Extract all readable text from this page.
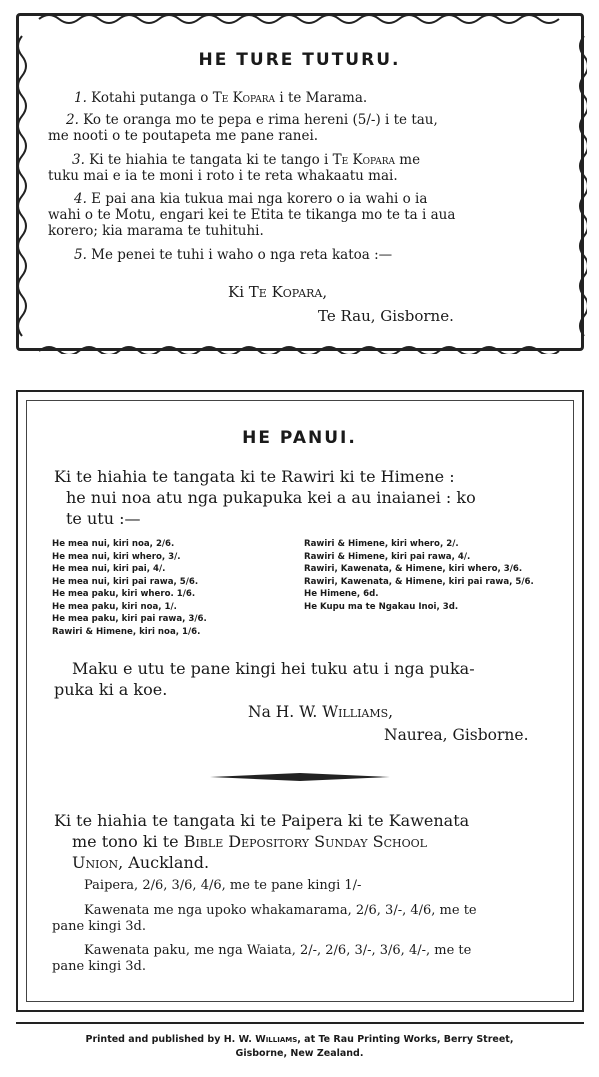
HE TURE TUTURU.
1. Kotahi putanga o Te Kopara i te Marama.
2. Ko te oranga mo te pepa e rima hereni (5/-) i te tau,
me nooti o te poutapeta me pane ranei.
3. Ki te hiahia te tangata ki te tango i Te Kopara me
tuku mai e ia te moni i roto i te reta whakaatu mai.
4. E pai ana kia tukua mai nga korero o ia wahi o ia
wahi o te Motu, engari kei te Etita te tikanga mo te ta i aua
korero; kia marama te tuhituhi.
5. Me penei te tuhi i waho o nga reta katoa :—
Ki Te Kopara,
Te Rau, Gisborne.
HE PANUI.
Ki te hiahia te tangata ki te Rawiri ki te Himene :
he nui noa atu nga pukapuka kei a au inaianei : ko
te utu :—
He mea nui, kiri noa, 2/6.
He mea nui, kiri whero, 3/.
He mea nui, kiri pai, 4/.
He mea nui, kiri pai rawa, 5/6.
He mea paku, kiri whero. 1/6.
He mea paku, kiri noa, 1/.
He mea paku, kiri pai rawa, 3/6.
Rawiri & Himene, kiri noa, 1/6.
Rawiri & Himene, kiri whero, 2/.
Rawiri & Himene, kiri pai rawa, 4/.
Rawiri, Kawenata, & Himene, kiri whero, 3/6.
Rawiri, Kawenata, & Himene, kiri pai rawa, 5/6.
He Himene, 6d.
He Kupu ma te Ngakau Inoi, 3d.
Maku e utu te pane kingi hei tuku atu i nga puka-
puka ki a koe.
Na H. W. Williams,
Naurea, Gisborne.
Ki te hiahia te tangata ki te Paipera ki te Kawenata
me tono ki te Bible Depository Sunday School
Union, Auckland.
Paipera, 2/6, 3/6, 4/6, me te pane kingi 1/-
Kawenata me nga upoko whakamarama, 2/6, 3/-, 4/6, me te
pane kingi 3d.
Kawenata paku, me nga Waiata, 2/-, 2/6, 3/-, 3/6, 4/-, me te
pane kingi 3d.
Printed and published by H. W. Williams, at Te Rau Printing Works, Berry Street,
Gisborne, New Zealand.
